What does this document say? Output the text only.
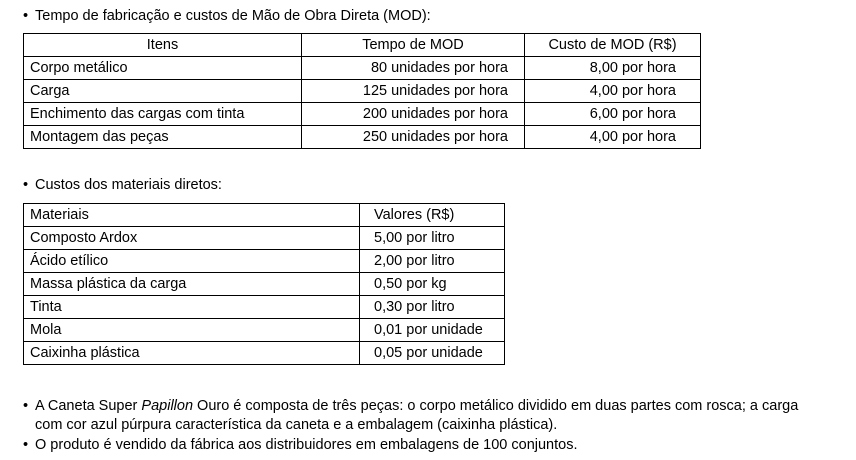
• Tempo de fabricação e custos de Mão de Obra Direta (MOD):
Itens	Tempo de MOD	Custo de MOD (R$)
Corpo metálico	80 unidades por hora	8,00 por hora
Carga	125 unidades por hora	4,00 por hora
Enchimento das cargas com tinta	200 unidades por hora	6,00 por hora
Montagem das peças	250 unidades por hora	4,00 por hora
• Custos dos materiais diretos:
Materiais	Valores (R$)
Composto Ardox	5,00 por litro
Ácido etílico	2,00 por litro
Massa plástica da carga	0,50 por kg
Tinta	0,30 por litro
Mola	0,01 por unidade
Caixinha plástica	0,05 por unidade
• A Caneta Super Papillon Ouro é composta de três peças: o corpo metálico dividido em duas partes com rosca; a carga
com cor azul púrpura característica da caneta e a embalagem (caixinha plástica).
• O produto é vendido da fábrica aos distribuidores em embalagens de 100 conjuntos.
